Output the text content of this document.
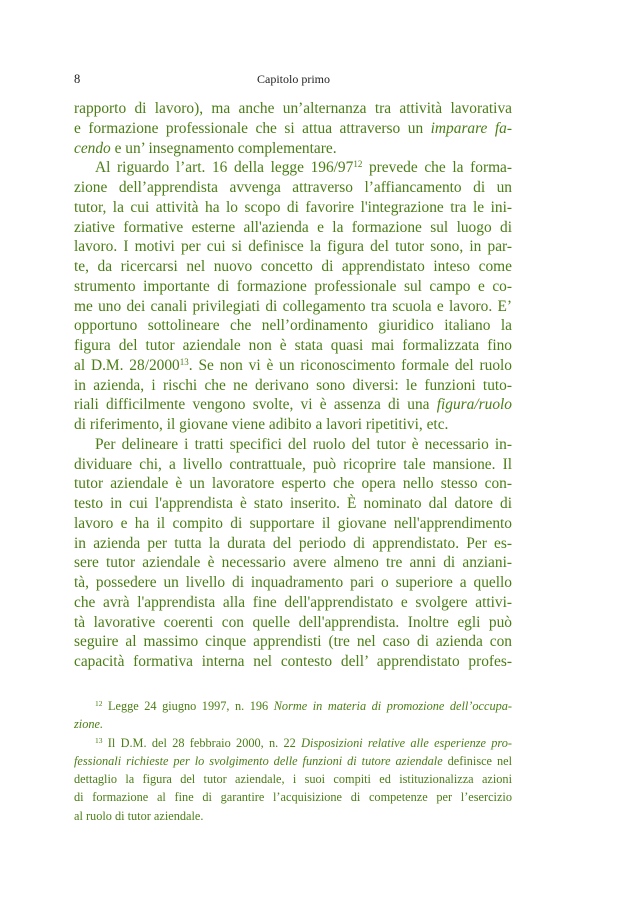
8	Capitolo primo
rapporto di lavoro), ma anche un’alternanza tra attività lavorativa
e formazione professionale che si attua attraverso un imparare fa-
cendo e un’ insegnamento complementare.
Al riguardo l’art. 16 della legge $196/97^{12}$ prevede che la forma-
zione dell’apprendista avvenga attraverso l’affiancamento di un
tutor, la cui attività ha lo scopo di favorire l'integrazione tra le ini-
ziative formative esterne all'azienda e la formazione sul luogo di
lavoro. I motivi per cui si definisce la figura del tutor sono, in par-
te, da ricercarsi nel nuovo concetto di apprendistato inteso come
strumento importante di formazione professionale sul campo e co-
me uno dei canali privilegiati di collegamento tra scuola e lavoro. E’
opportuno sottolineare che nell’ordinamento giuridico italiano la
figura del tutor aziendale non è stata quasi mai formalizzata fino
al D.M. 28/2000$^{13}$. Se non vi è un riconoscimento formale del ruolo
in azienda, i rischi che ne derivano sono diversi: le funzioni tuto-
riali difficilmente vengono svolte, vi è assenza di una figura/ruolo
di riferimento, il giovane viene adibito a lavori ripetitivi, etc.
Per delineare i tratti specifici del ruolo del tutor è necessario in-
dividuare chi, a livello contrattuale, può ricoprire tale mansione. Il
tutor aziendale è un lavoratore esperto che opera nello stesso con-
testo in cui l'apprendista è stato inserito. È nominato dal datore di
lavoro e ha il compito di supportare il giovane nell'apprendimento
in azienda per tutta la durata del periodo di apprendistato. Per es-
sere tutor aziendale è necessario avere almeno tre anni di anziani-
tà, possedere un livello di inquadramento pari o superiore a quello
che avrà l'apprendista alla fine dell'apprendistato e svolgere attivi-
tà lavorative coerenti con quelle dell'apprendista. Inoltre egli può
seguire al massimo cinque apprendisti (tre nel caso di azienda con
capacità formativa interna nel contesto dell’ apprendistato profes-
$^{12}$ Legge 24 giugno 1997, n. 196 Norme in materia di promozione dell’occupa-
zione.
$^{13}$ Il D.M. del 28 febbraio 2000, n. 22 Disposizioni relative alle esperienze pro-
fessionali richieste per lo svolgimento delle funzioni di tutore aziendale definisce nel
dettaglio la figura del tutor aziendale, i suoi compiti ed istituzionalizza azioni
di formazione al fine di garantire l’acquisizione di competenze per l’esercizio
al ruolo di tutor aziendale.
